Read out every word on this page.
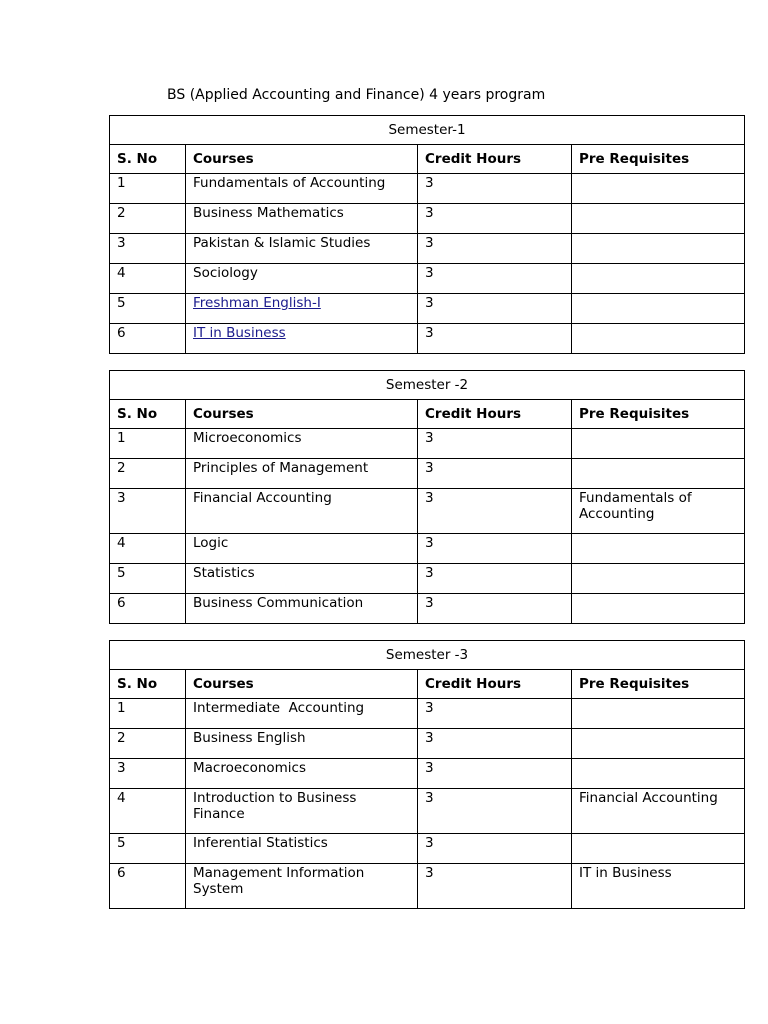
BS (Applied Accounting and Finance) 4 years program
Semester-1			
S. No	Courses	Credit Hours	Pre Requisites
1	Fundamentals of Accounting	3	
2	Business Mathematics	3	
3	Pakistan & Islamic Studies	3	
4	Sociology	3	
5	Freshman English-I	3	
6	IT in Business	3	
Semester -2			
S. No	Courses	Credit Hours	Pre Requisites
1	Microeconomics	3	
2	Principles of Management	3	
3	Financial Accounting	3	Fundamentals of Accounting
4	Logic	3	
5	Statistics	3	
6	Business Communication	3	
Semester -3			
S. No	Courses	Credit Hours	Pre Requisites
1	Intermediate  Accounting	3	
2	Business English	3	
3	Macroeconomics	3	
4	Introduction to Business Finance	3	Financial Accounting
5	Inferential Statistics	3	
6	Management Information System	3	IT in Business
